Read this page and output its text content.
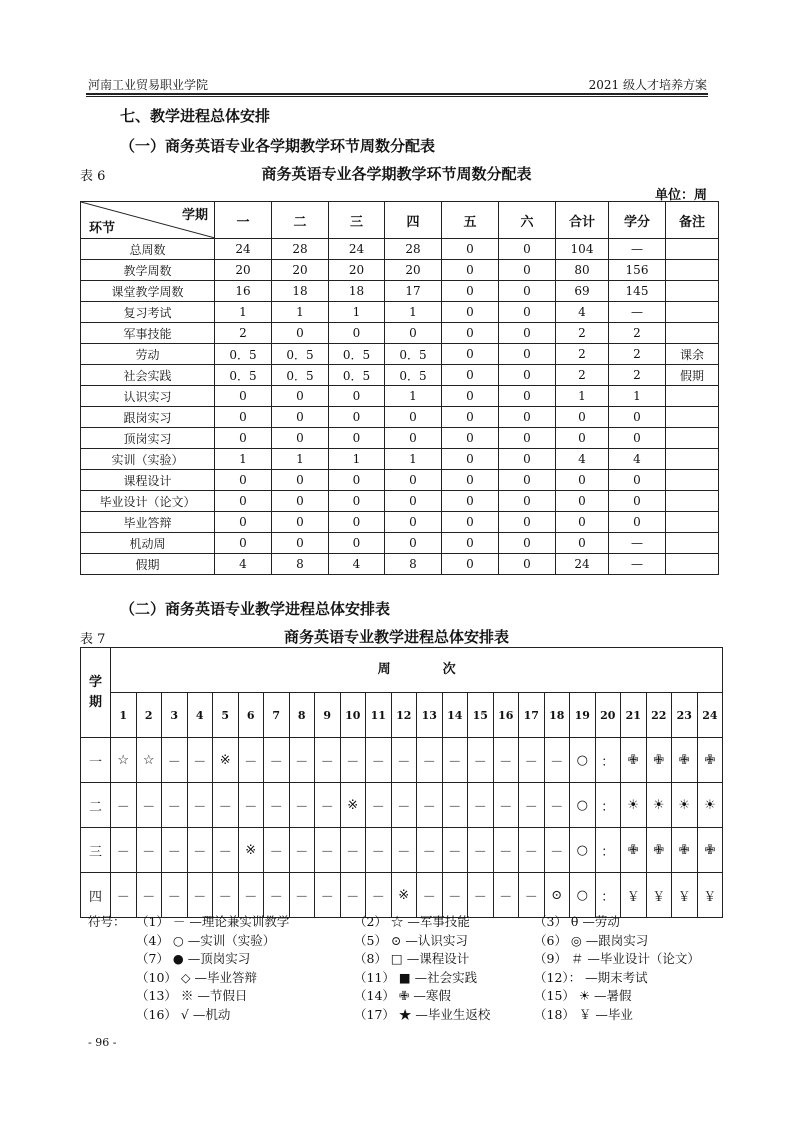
河南工业贸易职业学院	2021 级人才培养方案
七、教学进程总体安排
（一）商务英语专业各学期教学环节周数分配表
表 6	商务英语专业各学期教学环节周数分配表
单位：周
学期
环节	一	二	三	四	五	六	合计	学分	备注
总周数	24	28	24	28	0	0	104	—	
教学周数	20	20	20	20	0	0	80	156	
课堂教学周数	16	18	18	17	0	0	69	145	
复习考试	1	1	1	1	0	0	4	—	
军事技能	2	0	0	0	0	0	2	2	
劳动	0．5	0．5	0．5	0．5	0	0	2	2	课余
社会实践	0．5	0．5	0．5	0．5	0	0	2	2	假期
认识实习	0	0	0	1	0	0	1	1	
跟岗实习	0	0	0	0	0	0	0	0	
顶岗实习	0	0	0	0	0	0	0	0	
实训（实验）	1	1	1	1	0	0	4	4	
课程设计	0	0	0	0	0	0	0	0	
毕业设计（论文）	0	0	0	0	0	0	0	0	
毕业答辩	0	0	0	0	0	0	0	0	
机动周	0	0	0	0	0	0	0	—	
假期	4	8	4	8	0	0	24	—	
（二）商务英语专业教学进程总体安排表
表 7	商务英语专业教学进程总体安排表
学期	周 次																							
	1	2	3	4	5	6	7	8	9	10	11	12	13	14	15	16	17	18	19	20	21	22	23	24
一	☆	☆	－	－	※	－	－	－	－	－	－	－	－	－	－	－	－	－	○	：	✙	✙	✙	✙
二	－	－	－	－	－	－	－	－	－	※	－	－	－	－	－	－	－	－	○	：	☀	☀	☀	☀
三	－	－	－	－	－	※	－	－	－	－	－	－	－	－	－	－	－	－	○	：	✙	✙	✙	✙
四	－	－	－	－	－	－	－	－	－	－	－	※	－	－	－	－	－	⊙	○	：	￥	￥	￥	￥
符号： （1） － —理论兼实训教学	（2） ☆ —军事技能	（3） θ —劳动
（4） ○ —实训（实验）	（5） ⊙ —认识实习	（6） ◎ —跟岗实习
（7） ● —顶岗实习	（8） □ —课程设计	（9） ＃ —毕业设计（论文）
（10） ◇ —毕业答辩	（11） ■ —社会实践	（12）： —期末考试
（13） ※ —节假日	（14） ✙ —寒假	（15） ☀ —暑假
（16） √ —机动	（17） ★ —毕业生返校	（18） ￥ —毕业
- 96 -
